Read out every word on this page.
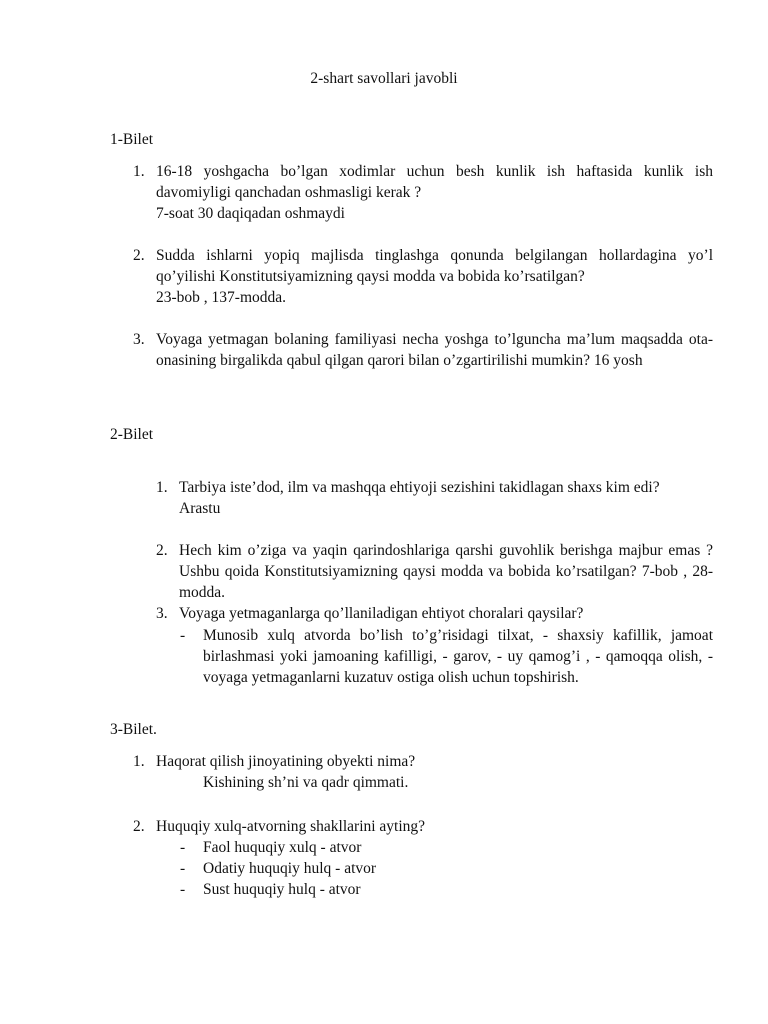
2-shart savollari javobli
1-Bilet
1. 16-18 yoshgacha bo’lgan xodimlar uchun besh kunlik ish haftasida kunlik ish davomiyligi qanchadan oshmasligi kerak ?
7-soat 30 daqiqadan oshmaydi
2. Sudda ishlarni yopiq majlisda tinglashga qonunda belgilangan hollardagina yo’l qo’yilishi Konstitutsiyamizning qaysi modda va bobida ko’rsatilgan?
23-bob , 137-modda.
3. Voyaga yetmagan bolaning familiyasi necha yoshga to’lguncha ma’lum maqsadda ota-onasining birgalikda qabul qilgan qarori bilan o’zgartirilishi mumkin? 16 yosh
2-Bilet
1. Tarbiya iste’dod, ilm va mashqqa ehtiyoji sezishini takidlagan shaxs kim edi?
Arastu
2. Hech kim o’ziga va yaqin qarindoshlariga qarshi guvohlik berishga majbur emas ? Ushbu qoida Konstitutsiyamizning qaysi modda va bobida ko’rsatilgan? 7-bob , 28-modda.
3. Voyaga yetmaganlarga qo’llaniladigan ehtiyot choralari qaysilar?
- Munosib xulq atvorda bo’lish to’g’risidagi tilxat, - shaxsiy kafillik, jamoat birlashmasi yoki jamoaning kafilligi, - garov, - uy qamog’i , - qamoqqa olish, - voyaga yetmaganlarni kuzatuv ostiga olish uchun topshirish.
3-Bilet.
1. Haqorat qilish jinoyatining obyekti nima?
Kishining sh’ni va qadr qimmati.
2. Huquqiy xulq-atvorning shakllarini ayting?
- Faol huquqiy xulq - atvor
- Odatiy huquqiy hulq - atvor
- Sust huquqiy hulq - atvor
